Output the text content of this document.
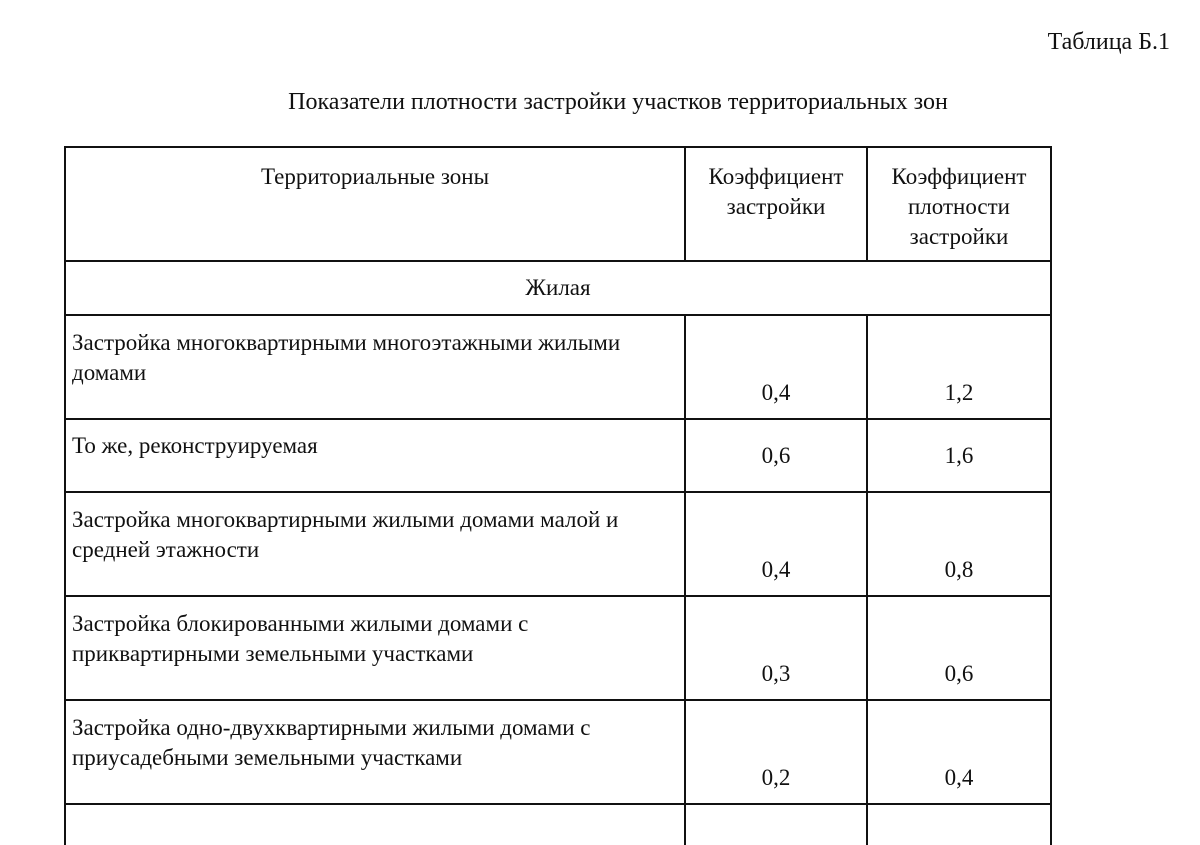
Таблица Б.1
Показатели плотности застройки участков территориальных зон
Территориальные зоны	Коэффициент застройки	Коэффициент плотности застройки
Жилая		
Застройка многоквартирными многоэтажными жилыми домами	0,4	1,2
То же, реконструируемая	0,6	1,6
Застройка многоквартирными жилыми домами малой и средней этажности	0,4	0,8
Застройка блокированными жилыми домами с приквартирными земельными участками	0,3	0,6
Застройка одно-двухквартирными жилыми домами с приусадебными земельными участками	0,2	0,4
